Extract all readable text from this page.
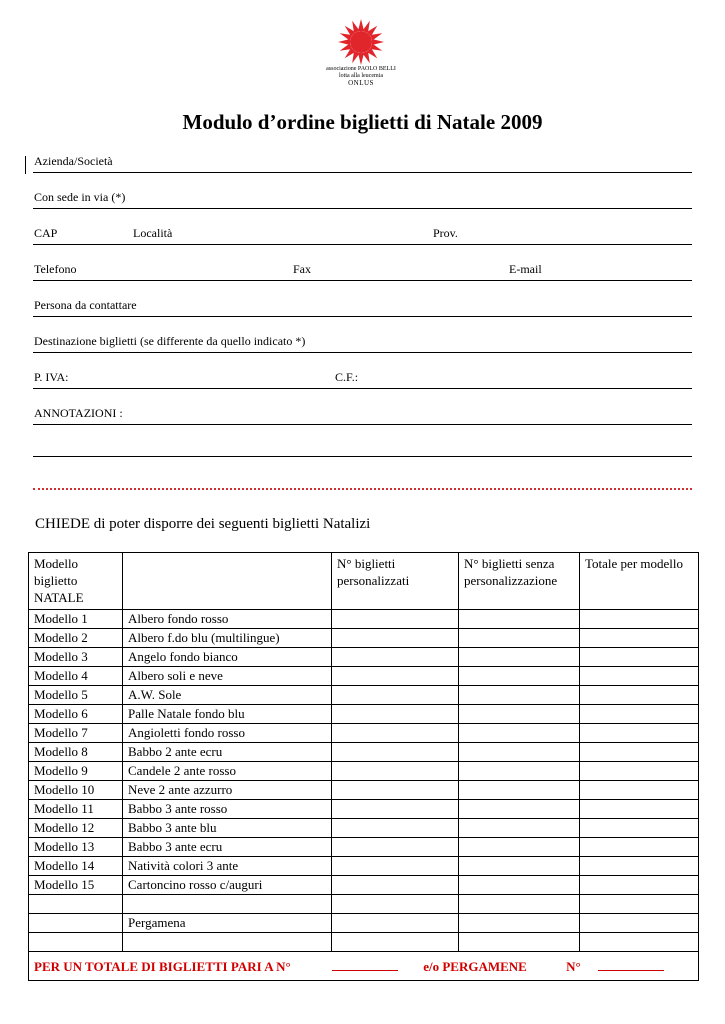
associazione PAOLO BELLI
lotta alla leucemia
ONLUS
Modulo d’ordine biglietti di Natale 2009
Azienda/Società
Con sede in via (*)
CAP	Località	Prov.
Telefono	Fax	E-mail
Persona da contattare
Destinazione biglietti (se differente da quello indicato *)
P. IVA:	C.F.:
ANNOTAZIONI :
CHIEDE di poter disporre dei seguenti biglietti Natalizi
Modello biglietto NATALE		N° biglietti personalizzati	N° biglietti senza personalizzazione	Totale per modello
Modello 1	Albero fondo rosso			
Modello 2	Albero f.do blu (multilingue)			
Modello 3	Angelo fondo bianco			
Modello 4	Albero soli e neve			
Modello 5	A.W. Sole			
Modello 6	Palle Natale fondo blu			
Modello 7	Angioletti fondo rosso			
Modello 8	Babbo 2 ante ecru			
Modello 9	Candele 2 ante rosso			
Modello 10	Neve 2 ante azzurro			
Modello 11	Babbo 3 ante rosso			
Modello 12	Babbo 3 ante blu			
Modello 13	Babbo 3 ante ecru			
Modello 14	Natività colori 3 ante			
Modello 15	Cartoncino rosso c/auguri			

	Pergamena			

PER UN TOTALE DI BIGLIETTI PARI A N° e/o PERGAMENE N°				
